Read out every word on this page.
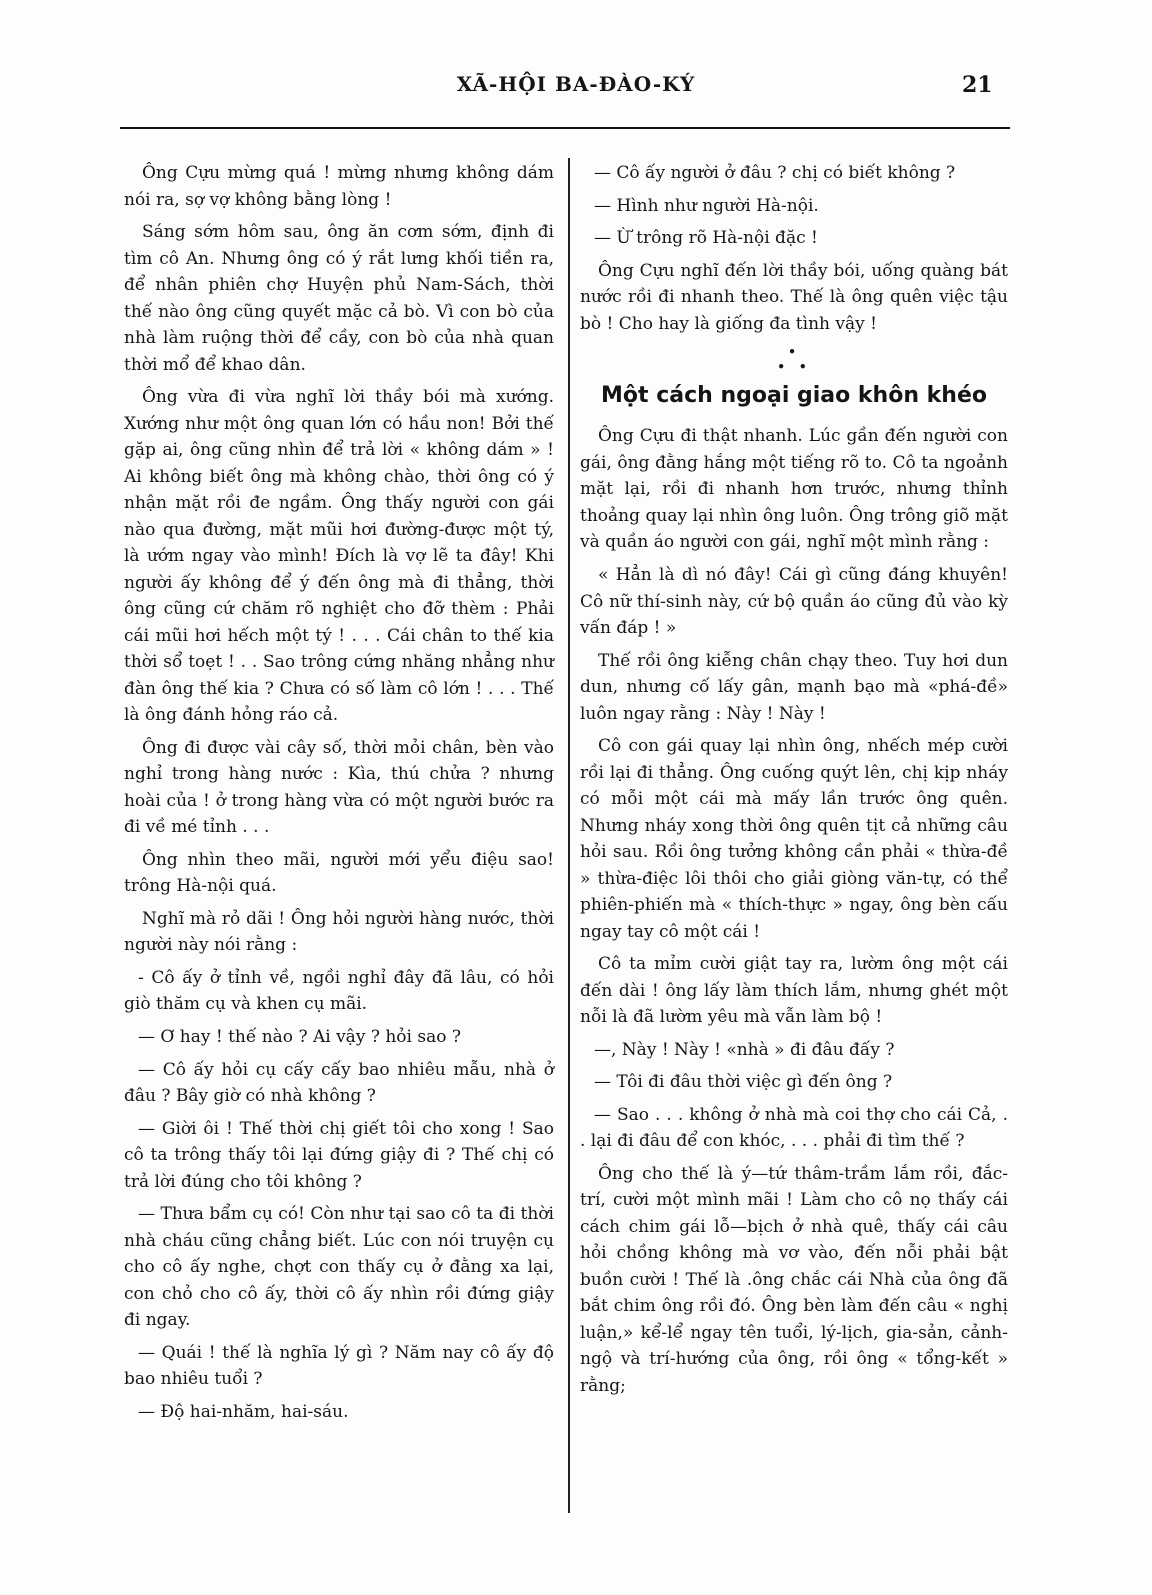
XÃ-HỘI BA-ĐÀO-KÝ	21

Ông Cựu mừng quá ! mừng nhưng không dám nói ra, sợ vợ không bằng lòng !

Sáng sớm hôm sau, ông ăn cơm sớm, định đi tìm cô An. Nhưng ông có ý rắt lưng khối tiền ra, để nhân phiên chợ Huyện phủ Nam-Sách, thời thế nào ông cũng quyết mặc cả bò. Vì con bò của nhà làm ruộng thời để cầy, con bò của nhà quan thời mổ để khao dân.

Ông vừa đi vừa nghĩ lời thầy bói mà xướng. Xướng như một ông quan lớn có hầu non! Bởi thế gặp ai, ông cũng nhìn để trả lời « không dám » ! Ai không biết ông mà không chào, thời ông có ý nhận mặt rồi đe ngầm. Ông thấy người con gái nào qua đường, mặt mũi hơi đường-được một tý, là ướm ngay vào mình! Đích là vợ lẽ ta đây! Khi người ấy không để ý đến ông mà đi thẳng, thời ông cũng cứ chăm rõ nghiệt cho đỡ thèm : Phải cái mũi hơi hếch một tý ! . . . Cái chân to thế kia thời sổ toẹt ! . . Sao trông cứng nhăng nhẳng như đàn ông thế kia ? Chưa có số làm cô lớn ! . . . Thế là ông đánh hỏng ráo cả.

Ông đi được vài cây số, thời mỏi chân, bèn vào nghỉ trong hàng nước : Kìa, thú chửa ? nhưng hoài của ! ở trong hàng vừa có một người bước ra đi về mé tỉnh . . .

Ông nhìn theo mãi, người mới yểu điệu sao! trông Hà-nội quá.

Nghĩ mà rỏ dãi ! Ông hỏi người hàng nước, thời người này nói rằng :

- Cô ấy ở tỉnh về, ngồi nghỉ đây đã lâu, có hỏi giò thăm cụ và khen cụ mãi.

— Ơ hay ! thế nào ? Ai vậy ? hỏi sao ?

— Cô ấy hỏi cụ cấy cấy bao nhiêu mẫu, nhà ở đâu ? Bây giờ có nhà không ?

— Giời ôi ! Thế thời chị giết tôi cho xong ! Sao cô ta trông thấy tôi lại đứng giậy đi ? Thế chị có trả lời đúng cho tôi không ?

— Thưa bẩm cụ có! Còn như tại sao cô ta đi thời nhà cháu cũng chẳng biết. Lúc con nói truyện cụ cho cô ấy nghe, chợt con thấy cụ ở đằng xa lại, con chỏ cho cô ấy, thời cô ấy nhìn rồi đứng giậy đi ngay.

— Quái ! thế là nghĩa lý gì ? Năm nay cô ấy độ bao nhiêu tuổi ?

— Độ hai-nhăm, hai-sáu.

— Cô ấy người ở đâu ? chị có biết không ?

— Hình như người Hà-nội.

— Ừ trông rõ Hà-nội đặc !

Ông Cựu nghĩ đến lời thầy bói, uống quàng bát nước rồi đi nhanh theo. Thế là ông quên việc tậu bò ! Cho hay là giống đa tình vậy !

•
• •
Một cách ngoại giao khôn khéo

Ông Cựu đi thật nhanh. Lúc gần đến người con gái, ông đằng hắng một tiếng rõ to. Cô ta ngoảnh mặt lại, rồi đi nhanh hơn trước, nhưng thỉnh thoảng quay lại nhìn ông luôn. Ông trông giõ mặt và quần áo người con gái, nghĩ một mình rằng :

« Hẳn là dì nó đây! Cái gì cũng đáng khuyên! Cô nữ thí-sinh này, cứ bộ quần áo cũng đủ vào kỳ vấn đáp ! »

Thế rồi ông kiễng chân chạy theo. Tuy hơi dun dun, nhưng cố lấy gân, mạnh bạo mà «phá-đề» luôn ngay rằng : Này ! Này !

Cô con gái quay lại nhìn ông, nhếch mép cười rồi lại đi thẳng. Ông cuống quýt lên, chị kịp nháy có mỗi một cái mà mấy lần trước ông quên. Nhưng nháy xong thời ông quên tịt cả những câu hỏi sau. Rồi ông tưởng không cần phải « thừa-đề » thừa-điệc lôi thôi cho giải giòng văn-tự, có thể phiên-phiến mà « thích-thực » ngay, ông bèn cấu ngay tay cô một cái !

Cô ta mỉm cười giật tay ra, lườm ông một cái đến dài ! ông lấy làm thích lắm, nhưng ghét một nỗi là đã lườm yêu mà vẫn làm bộ !

—, Này ! Này ! «nhà » đi đâu đấy ?

— Tôi đi đâu thời việc gì đến ông ?

— Sao . . . không ở nhà mà coi thợ cho cái Cả, . . lại đi đâu để con khóc, . . . phải đi tìm thế ?

Ông cho thế là ý—tứ thâm-trầm lắm rồi, đắc-trí, cười một mình mãi ! Làm cho cô nọ thấy cái cách chim gái lỗ—bịch ở nhà quê, thấy cái câu hỏi chồng không mà vơ vào, đến nỗi phải bật buồn cười ! Thế là .ông chắc cái Nhà của ông đã bắt chim ông rồi đó. Ông bèn làm đến câu « nghị luận,» kể-lể ngay tên tuổi, lý-lịch, gia-sản, cảnh-ngộ và trí-hướng của ông, rồi ông « tổng-kết » rằng;
